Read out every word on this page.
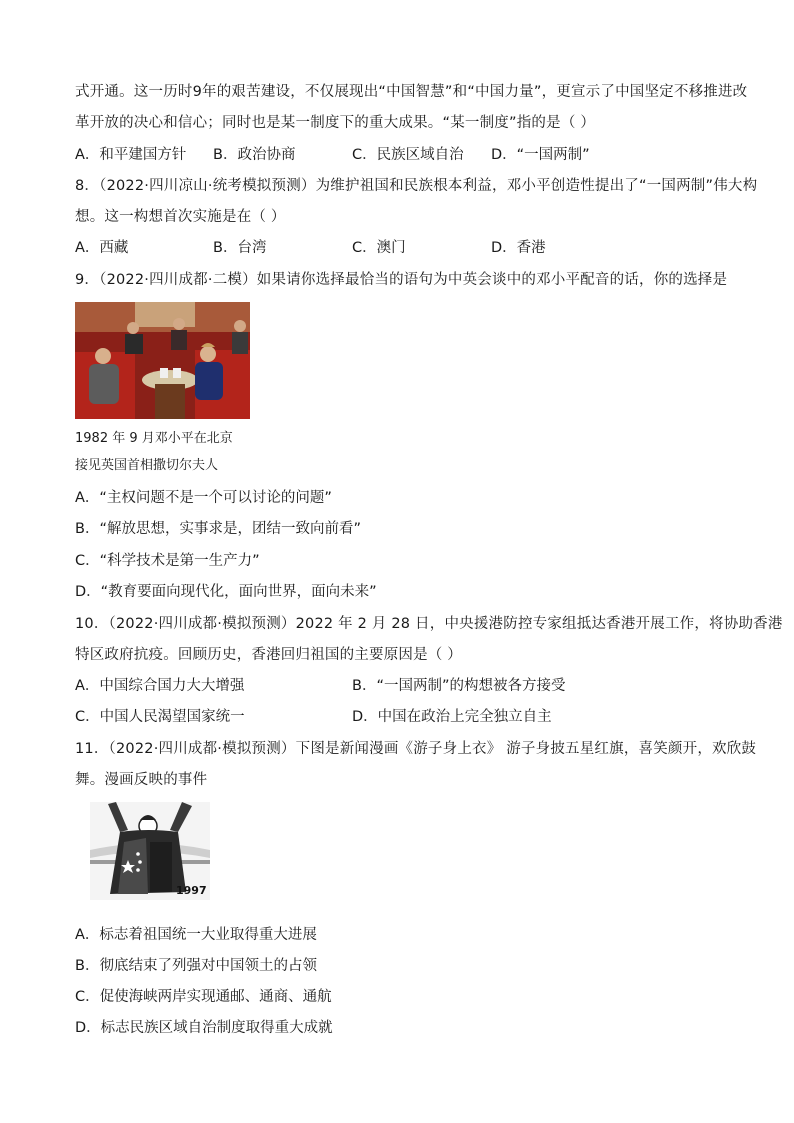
式开通。这一历时9年的艰苦建设，不仅展现出“中国智慧”和“中国力量”，更宣示了中国坚定不移推进改
革开放的决心和信心；同时也是某一制度下的重大成果。“某一制度”指的是（ ）
A．和平建国方针 B．政治协商	C．民族区域自治 D．“一国两制”
8．（2022·四川凉山·统考模拟预测）为维护祖国和民族根本利益，邓小平创造性提出了“一国两制”伟大构
想。这一构想首次实施是在（ ）
A．西藏	B．台湾	C．澳门	D．香港
9．（2022·四川成都·二模）如果请你选择最恰当的语句为中英会谈中的邓小平配音的话，你的选择是
1982 年 9 月邓小平在北京
接见英国首相撒切尔夫人
A．“主权问题不是一个可以讨论的问题”
B．“解放思想，实事求是，团结一致向前看”
C．“科学技术是第一生产力”
D．“教育要面向现代化，面向世界，面向未来”
10．（2022·四川成都·模拟预测）2022 年 2 月 28 日，中央援港防控专家组抵达香港开展工作，将协助香港
特区政府抗疫。回顾历史，香港回归祖国的主要原因是（ ）
A．中国综合国力大大增强	B．“一国两制”的构想被各方接受
C．中国人民渴望国家统一	D．中国在政治上完全独立自主
11．（2022·四川成都·模拟预测）下图是新闻漫画《游子身上衣》 游子身披五星红旗，喜笑颜开，欢欣鼓
舞。漫画反映的事件
1997
A．标志着祖国统一大业取得重大进展
B．彻底结束了列强对中国领土的占领
C．促使海峡两岸实现通邮、通商、通航
D．标志民族区域自治制度取得重大成就
